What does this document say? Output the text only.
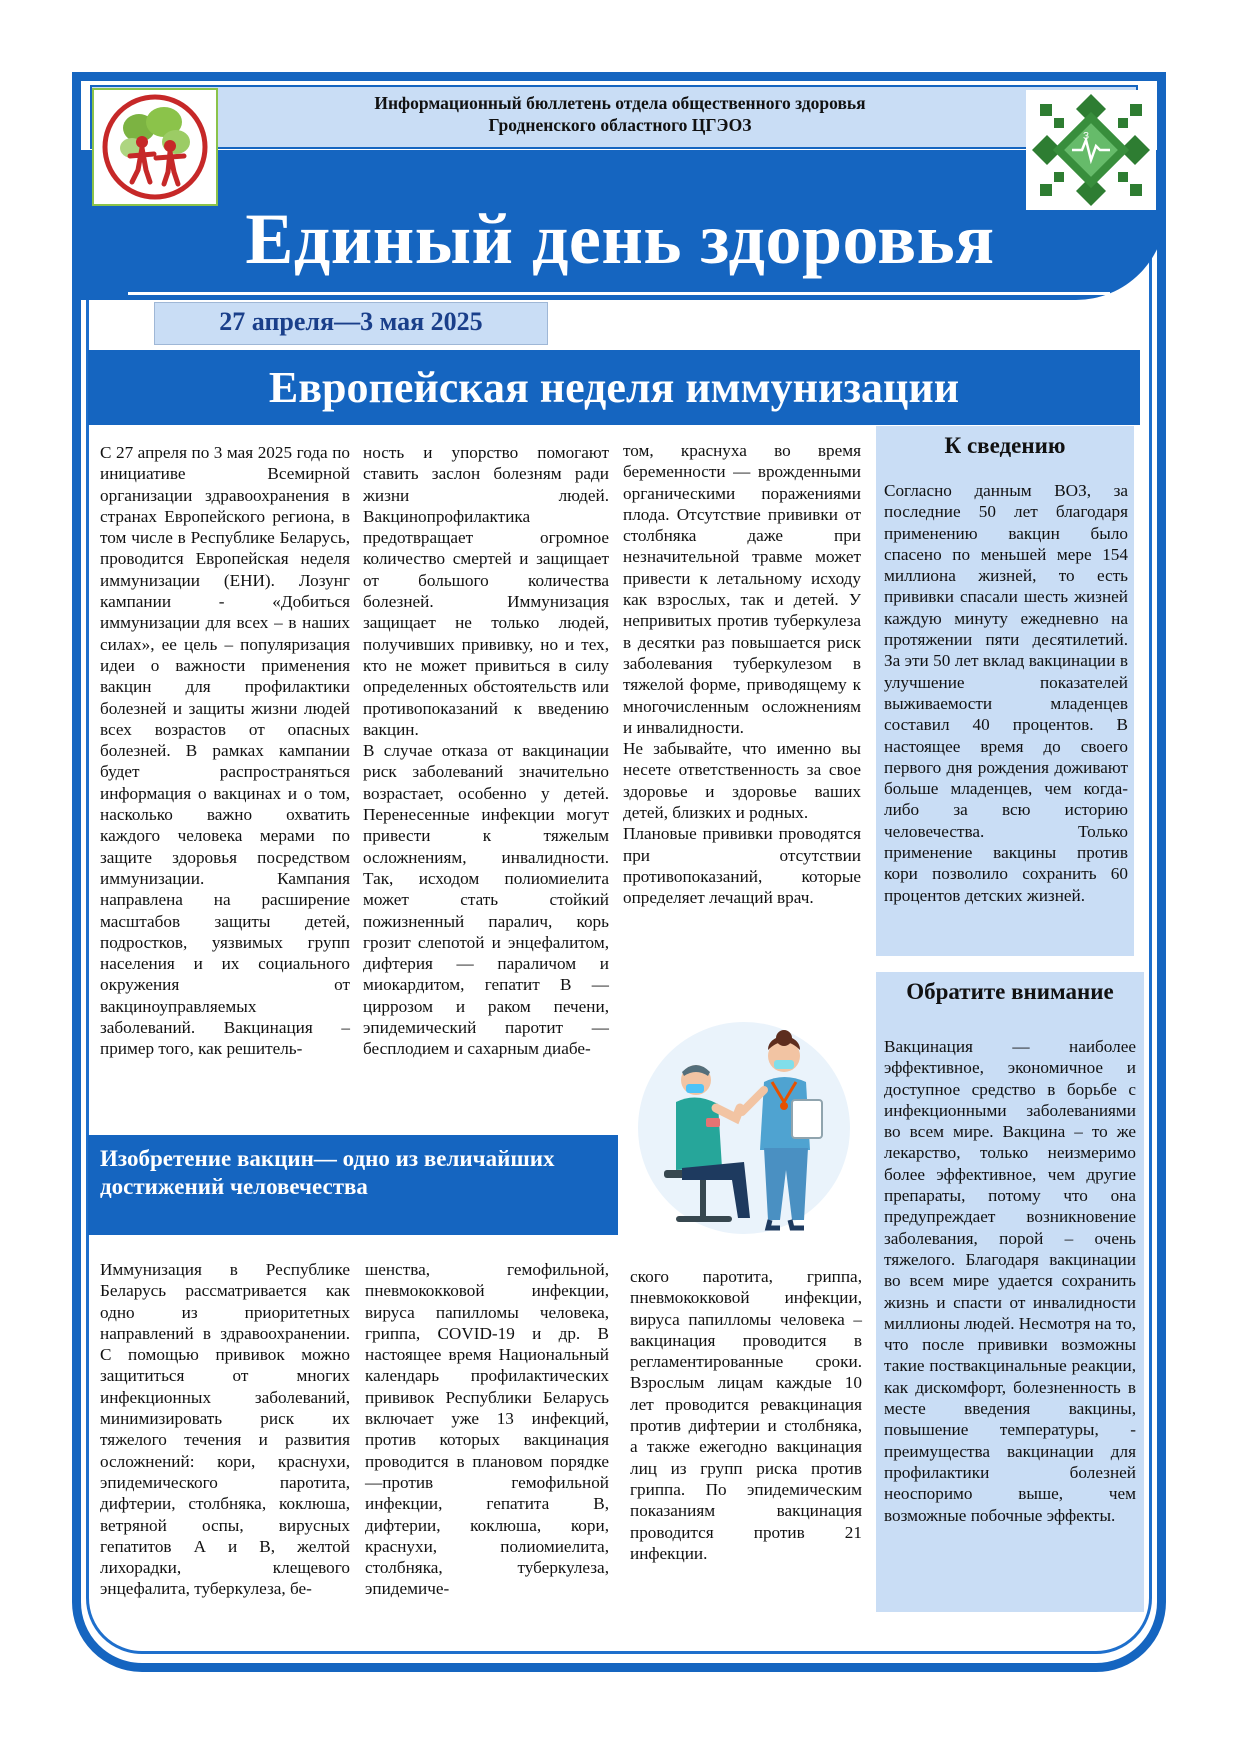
Информационный бюллетень отдела общественного здоровья
Гродненского областного ЦГЭОЗ
З
Единый день здоровья
27 апреля—3 мая 2025
Европейская неделя иммунизации

С 27 апреля по 3 мая 2025 года по инициативе Всемирной организации здравоохранения в странах Европейского региона, в том числе в Республике Беларусь, проводится Европейская неделя иммунизации (ЕНИ). Лозунг кампании - «Добиться иммунизации для всех – в наших силах», ее цель – популяризация идеи о важности применения вакцин для профилактики болезней и защиты жизни людей всех возрастов от опасных болезней. В рамках кампании будет распространяться информация о вакцинах и о том, насколько важно охватить каждого человека мерами по защите здоровья посредством иммунизации. Кампания направлена на расширение масштабов защиты детей, подростков, уязвимых групп населения и их социального окружения от вакциноуправляемых заболеваний. Вакцинация – пример того, как решитель-

ность и упорство помогают ставить заслон болезням ради жизни людей. Вакцинопрофилактика предотвращает огромное количество смертей и защищает от большого количества болезней. Иммунизация защищает не только людей, получивших прививку, но и тех, кто не может привиться в силу определенных обстоятельств или противопоказаний к введению вакцин.

В случае отказа от вакцинации риск заболеваний значительно возрастает, особенно у детей. Перенесенные инфекции могут привести к тяжелым осложнениям, инвалидности. Так, исходом полиомиелита может стать стойкий пожизненный паралич, корь грозит слепотой и энцефалитом, дифтерия — параличом и миокардитом, гепатит В — циррозом и раком печени, эпидемический паротит — бесплодием и сахарным диабе-

том, краснуха во время беременности — врожденными органическими поражениями плода. Отсутствие прививки от столбняка даже при незначительной травме может привести к летальному исходу как взрослых, так и детей. У непривитых против туберкулеза в десятки раз повышается риск заболевания туберкулезом в тяжелой форме, приводящему к многочисленным осложнениям и инвалидности.

Не забывайте, что именно вы несете ответственность за свое здоровье и здоровье ваших детей, близких и родных.

Плановые прививки проводятся при отсутствии противопоказаний, которые определяет лечащий врач.

К сведению

Согласно данным ВОЗ, за последние 50 лет благодаря применению вакцин было спасено по меньшей мере 154 миллиона жизней, то есть прививки спасали шесть жизней каждую минуту ежедневно на протяжении пяти десятилетий. За эти 50 лет вклад вакцинации в улучшение показателей выживаемости младенцев составил 40 процентов. В настоящее время до своего первого дня рождения доживают больше младенцев, чем когда-либо за всю историю человечества. Только применение вакцины против кори позволило сохранить 60 процентов детских жизней.

Обратите внимание

Вакцинация — наиболее эффективное, экономичное и доступное средство в борьбе с инфекционными заболеваниями во всем мире. Вакцина – то же лекарство, только неизмеримо более эффективное, чем другие препараты, потому что она предупреждает возникновение заболевания, порой – очень тяжелого. Благодаря вакцинации во всем мире удается сохранить жизнь и спасти от инвалидности миллионы людей. Несмотря на то, что после прививки возможны такие поствакцинальные реакции, как дискомфорт, болезненность в месте введения вакцины, повышение температуры, - преимущества вакцинации для профилактики болезней неоспоримо выше, чем возможные побочные эффекты.

Изобретение вакцин— одно из величайших достижений человечества

Иммунизация в Республике Беларусь рассматривается как одно из приоритетных направлений в здравоохранении. С помощью прививок можно защититься от многих инфекционных заболеваний, минимизировать риск их тяжелого течения и развития осложнений: кори, краснухи, эпидемического паротита, дифтерии, столбняка, коклюша, ветряной оспы, вирусных гепатитов А и В, желтой лихорадки, клещевого энцефалита, туберкулеза, бе-

шенства, гемофильной, пневмококковой инфекции, вируса папилломы человека, гриппа, COVID-19 и др. В настоящее время Национальный календарь профилактических прививок Республики Беларусь включает уже 13 инфекций, против которых вакцинация проводится в плановом порядке—против гемофильной инфекции, гепатита В, дифтерии, коклюша, кори, краснухи, полиомиелита, столбняка, туберкулеза, эпидемиче-

ского паротита, гриппа, пневмококковой инфекции, вируса папилломы человека – вакцинация проводится в регламентированные сроки. Взрослым лицам каждые 10 лет проводится ревакцинация против дифтерии и столбняка, а также ежегодно вакцинация лиц из групп риска против гриппа. По эпидемическим показаниям вакцинация проводится против 21 инфекции.
